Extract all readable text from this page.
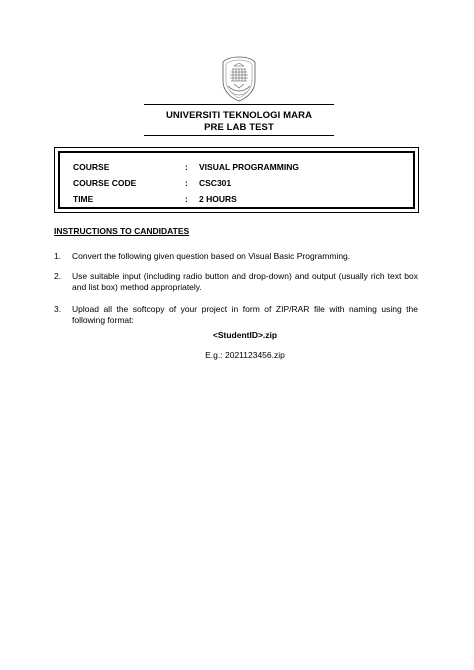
UNIVERSITI TEKNOLOGI MARA
PRE LAB TEST
COURSE	: VISUAL PROGRAMMING
COURSE CODE	: CSC301
TIME	: 2 HOURS
INSTRUCTIONS TO CANDIDATES
1. Convert the following given question based on Visual Basic Programming.
2. Use suitable input (including radio button and drop-down) and output (usually rich text box and list box) method appropriately.
3. Upload all the softcopy of your project in form of ZIP/RAR file with naming using the following format:
<StudentID>.zip
E.g.: 2021123456.zip
